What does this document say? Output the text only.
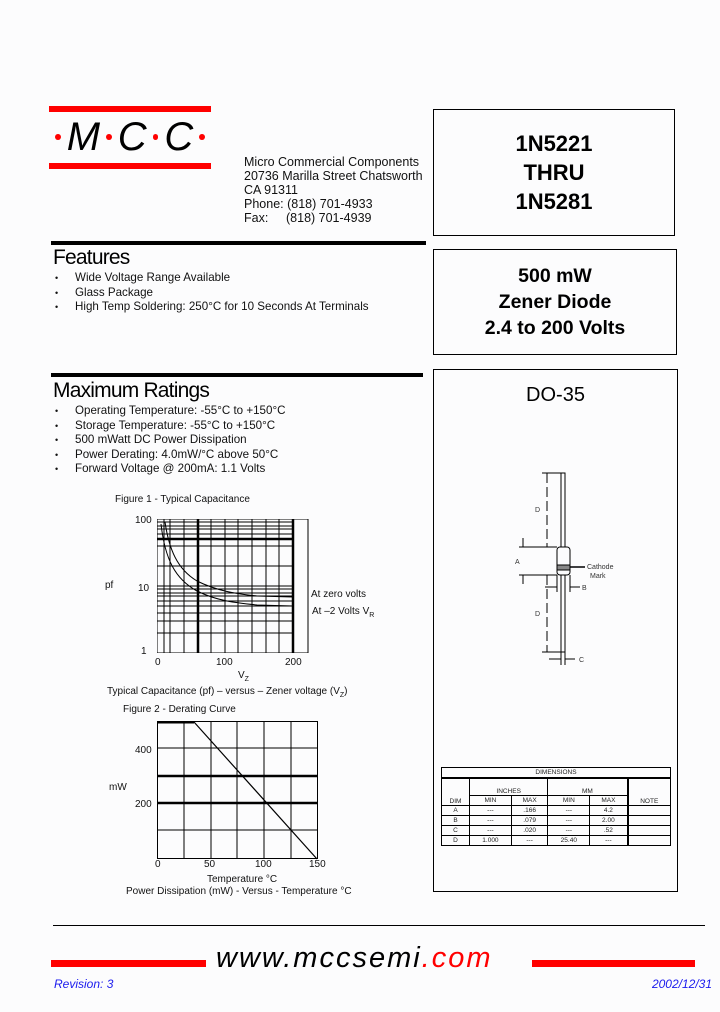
M C C
Micro Commercial Components
20736 Marilla Street Chatsworth
CA 91311
Phone: (818) 701-4933
Fax: (818) 701-4939
1N5221
THRU
1N5281
500 mW
Zener Diode
2.4 to 200 Volts
Features
• Wide Voltage Range Available
• Glass Package
• High Temp Soldering: 250°C for 10 Seconds At Terminals
Maximum Ratings
• Operating Temperature: -55°C to +150°C
• Storage Temperature: -55°C to +150°C
• 500 mWatt DC Power Dissipation
• Power Derating: 4.0mW/°C above 50°C
• Forward Voltage @ 200mA: 1.1 Volts
Figure 1 - Typical Capacitance
pf
100
10
1
0	100	200
$V_Z$
At zero volts
At –2 Volts $V_R$
Typical Capacitance (pf) – versus – Zener voltage $(V_Z)$
Figure 2 - Derating Curve
mW
400
200
0	50	100	150
Temperature °C
Power Dissipation (mW) - Versus - Temperature °C
DO-35
D
A
D
B
C
Cathode
Mark
DIMENSIONS					
DIM	INCHES		MM		NOTE
	MIN	MAX	MIN	MAX	
A	---	.166	---	4.2	
B	---	.079	---	2.00	
C	---	.020	---	.52	
D	1.000	---	25.40	---	
www.mccsemi.com
Revision: 3	2002/12/31
